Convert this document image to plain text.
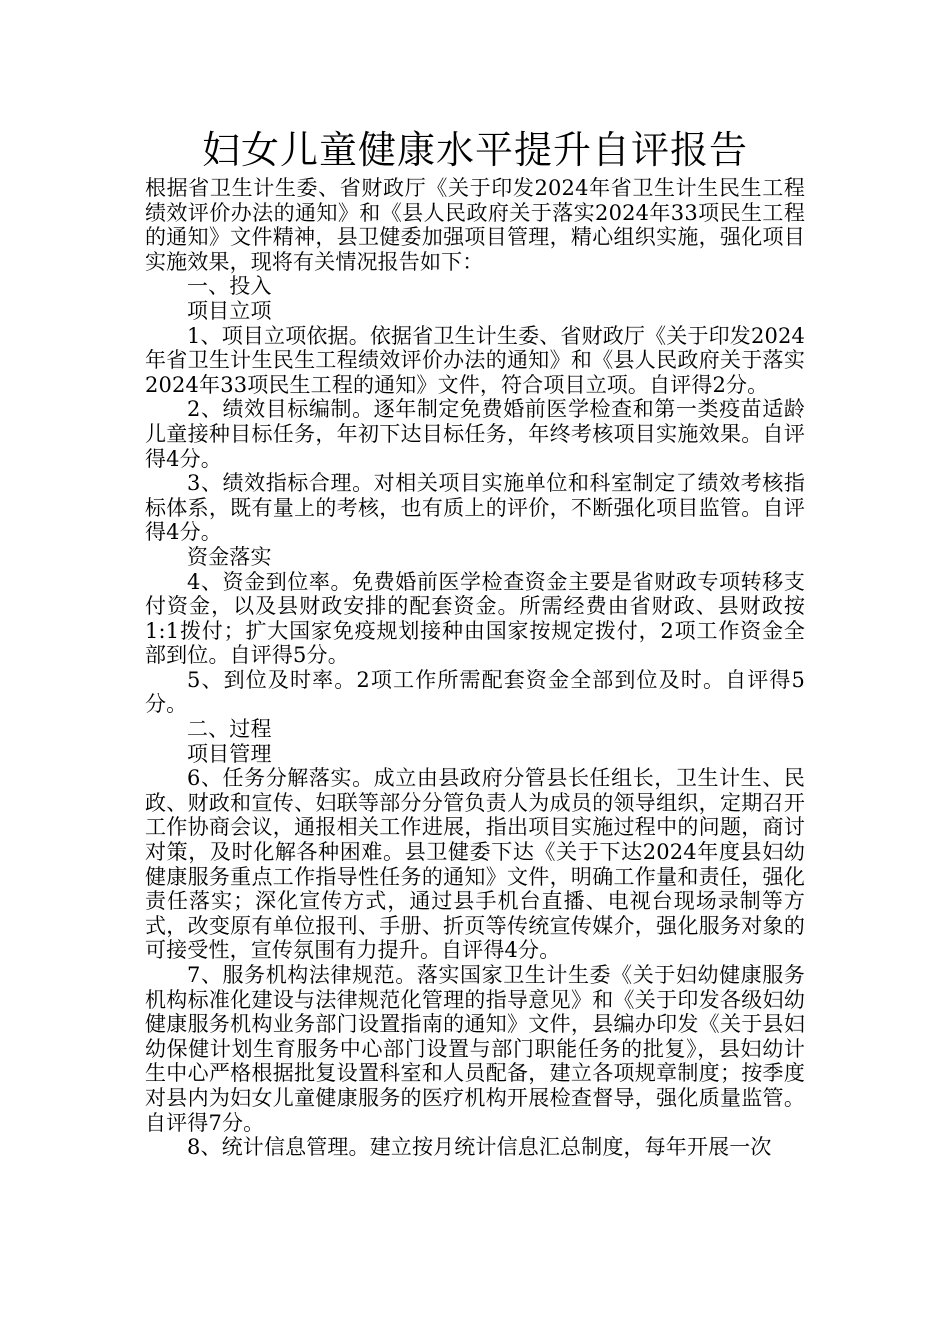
妇女儿童健康水平提升自评报告

根据省卫生计生委、省财政厅《关于印发2024年省卫生计生民生工程绩效评价办法的通知》和《县人民政府关于落实2024年33项民生工程的通知》文件精神，县卫健委加强项目管理，精心组织实施，强化项目实施效果，现将有关情况报告如下：

一、投入

项目立项

1、项目立项依据。依据省卫生计生委、省财政厅《关于印发2024年省卫生计生民生工程绩效评价办法的通知》和《县人民政府关于落实2024年33项民生工程的通知》文件，符合项目立项。自评得2分。

2、绩效目标编制。逐年制定免费婚前医学检查和第一类疫苗适龄儿童接种目标任务，年初下达目标任务，年终考核项目实施效果。自评得4分。

3、绩效指标合理。对相关项目实施单位和科室制定了绩效考核指标体系，既有量上的考核，也有质上的评价，不断强化项目监管。自评得4分。

资金落实

4、资金到位率。免费婚前医学检查资金主要是省财政专项转移支付资金，以及县财政安排的配套资金。所需经费由省财政、县财政按1:1拨付；扩大国家免疫规划接种由国家按规定拨付，2项工作资金全部到位。自评得5分。

5、到位及时率。2项工作所需配套资金全部到位及时。自评得5分。

二、过程

项目管理

6、任务分解落实。成立由县政府分管县长任组长，卫生计生、民政、财政和宣传、妇联等部分分管负责人为成员的领导组织，定期召开工作协商会议，通报相关工作进展，指出项目实施过程中的问题，商讨对策，及时化解各种困难。县卫健委下达《关于下达2024年度县妇幼健康服务重点工作指导性任务的通知》文件，明确工作量和责任，强化责任落实；深化宣传方式，通过县手机台直播、电视台现场录制等方式，改变原有单位报刊、手册、折页等传统宣传媒介，强化服务对象的可接受性，宣传氛围有力提升。自评得4分。

7、服务机构法律规范。落实国家卫生计生委《关于妇幼健康服务机构标准化建设与法律规范化管理的指导意见》和《关于印发各级妇幼健康服务机构业务部门设置指南的通知》文件，县编办印发《关于县妇幼保健计划生育服务中心部门设置与部门职能任务的批复》，县妇幼计生中心严格根据批复设置科室和人员配备，建立各项规章制度；按季度对县内为妇女儿童健康服务的医疗机构开展检查督导，强化质量监管。自评得7分。

8、统计信息管理。建立按月统计信息汇总制度，每年开展一次
